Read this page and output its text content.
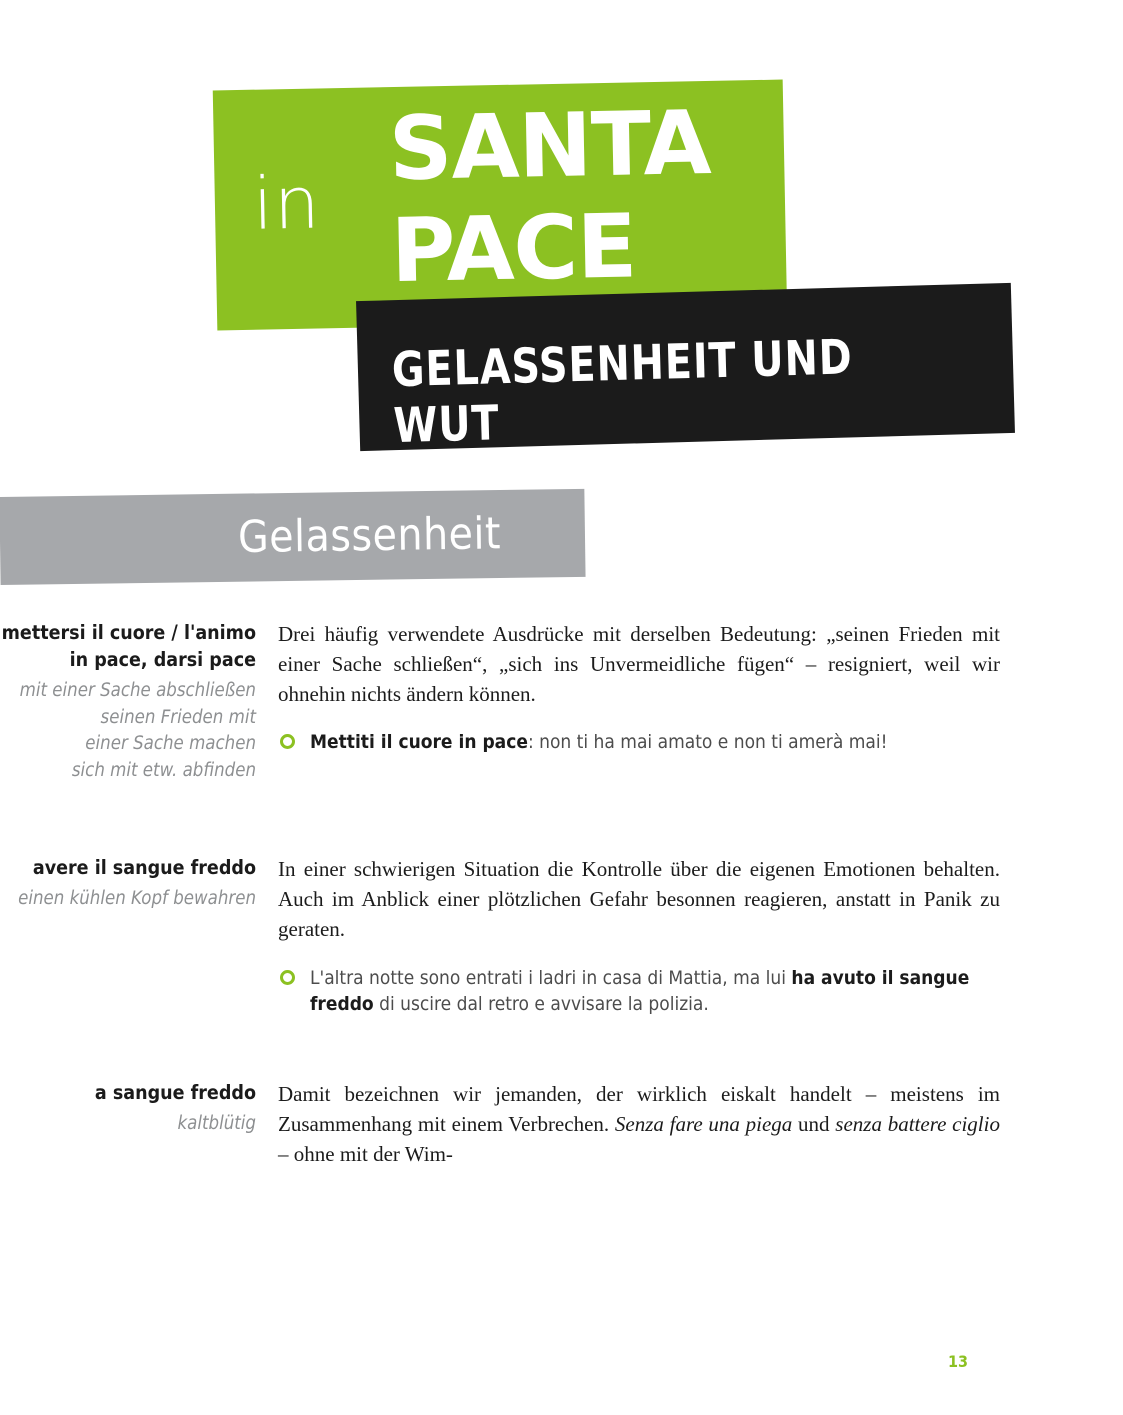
in
SANTA
PACE
GELASSENHEIT UND WUT
Gelassenheit
mettersi il cuore / l'animo in pace, darsi pace
mit einer Sache abschließen
seinen Frieden mit
einer Sache machen
sich mit etw. abfinden

Drei häufig verwendete Ausdrücke mit derselben Bedeutung: „seinen Frieden mit einer Sache schließen“, „sich ins Unvermeidliche fügen“ – resigniert, weil wir ohnehin nichts ändern können.

Mettiti il cuore in pace: non ti ha mai amato e non ti amerà mai!
avere il sangue freddo
einen kühlen Kopf bewahren

In einer schwierigen Situation die Kontrolle über die eigenen Emotionen behalten. Auch im Anblick einer plötzlichen Gefahr besonnen reagieren, anstatt in Panik zu geraten.

L'altra notte sono entrati i ladri in casa di Mattia, ma lui ha avuto il sangue freddo di uscire dal retro e avvisare la polizia.
a sangue freddo
kaltblütig

Damit bezeichnen wir jemanden, der wirklich eiskalt handelt – meistens im Zusammenhang mit einem Verbrechen. Senza fare una piega und senza battere ciglio – ohne mit der Wim-

13
